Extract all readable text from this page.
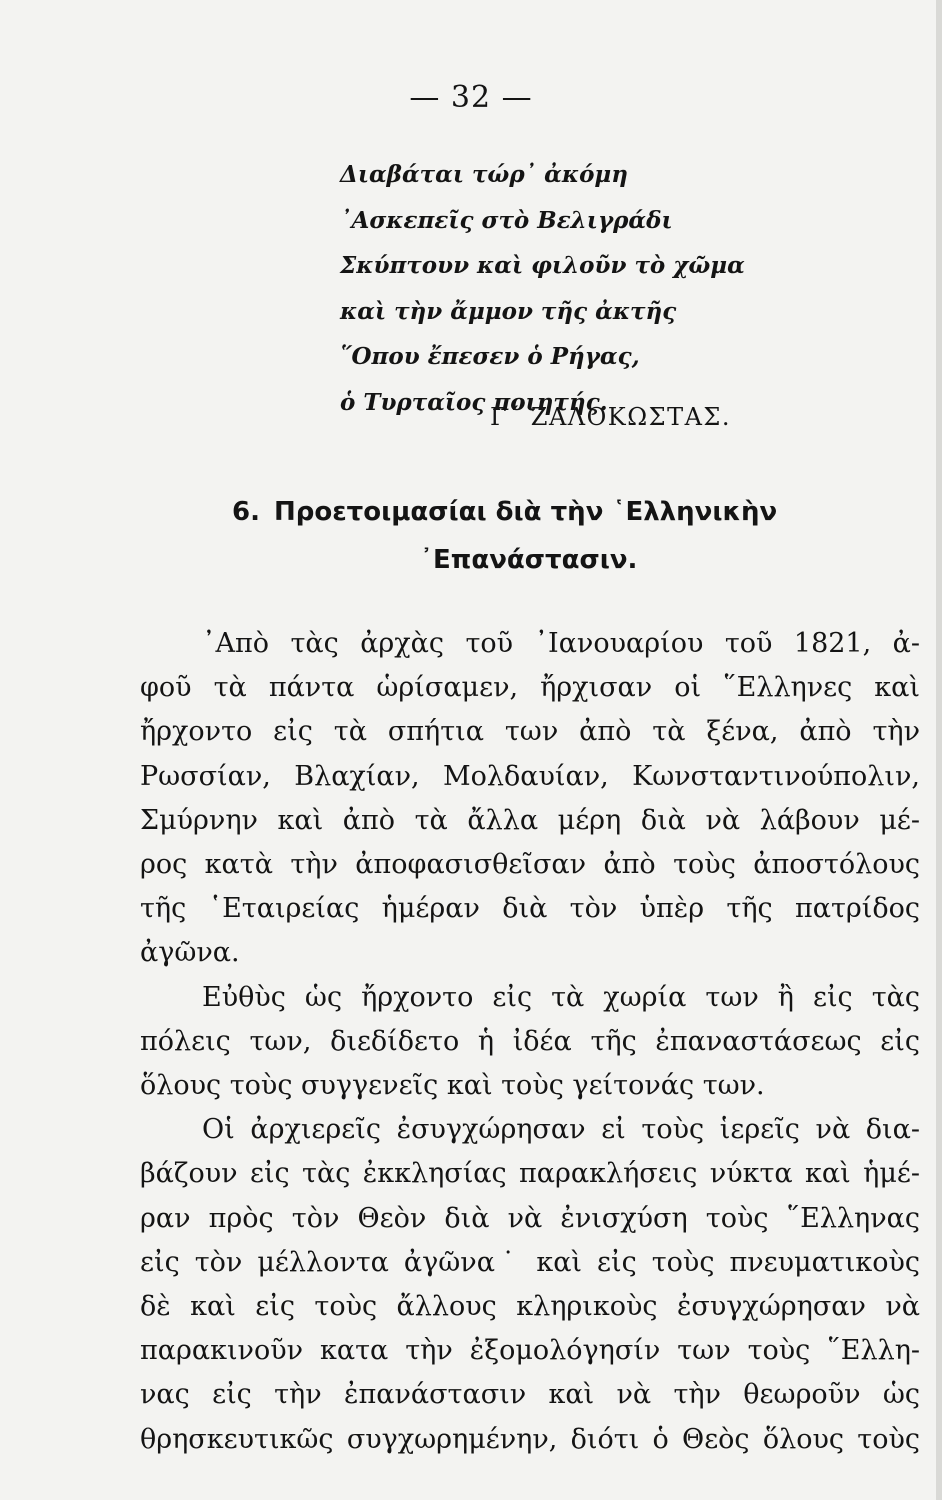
— 32 —
Διαβάται τώρ᾽ ἀκόμη
᾽Ασκεπεῖς στὸ Βελιγράδι
Σκύπτουν καὶ φιλοῦν τὸ χῶμα
καὶ τὴν ἄμμον τῆς ἀκτῆς
῞Οπου ἔπεσεν ὁ Ρήγας,
ὁ Τυρταῖος ποιητής.
Γ΄ ΖΑΛΟΚΩΣΤΑΣ.
6. Προετοιμασίαι διὰ τὴν ῾Ελληνικὴν
᾽Επανάστασιν.
᾽Απὸ τὰς ἀρχὰς τοῦ ᾽Ιανουαρίου τοῦ 1821, ἀ-
φοῦ τὰ πάντα ὡρίσαμεν, ἤρχισαν οἱ ῞Ελληνες καὶ
ἤρχοντο εἰς τὰ σπήτια των ἀπὸ τὰ ξένα, ἀπὸ τὴν
Ρωσσίαν, Βλαχίαν, Μολδαυίαν, Κωνσταντινούπολιν,
Σμύρνην καὶ ἀπὸ τὰ ἄλλα μέρη διὰ νὰ λάβουν μέ-
ρος κατὰ τὴν ἀποφασισθεῖσαν ἀπὸ τοὺς ἀποστόλους
τῆς ῾Εταιρείας ἡμέραν διὰ τὸν ὑπὲρ τῆς πατρίδος
ἀγῶνα.
Εὐθὺς ὡς ἤρχοντο εἰς τὰ χωρία των ἢ εἰς τὰς
πόλεις των, διεδίδετο ἡ ἰδέα τῆς ἐπαναστάσεως εἰς
ὅλους τοὺς συγγενεῖς καὶ τοὺς γείτονάς των.
Οἱ ἀρχιερεῖς ἐσυγχώρησαν εἰ τοὺς ἱερεῖς νὰ δια-
βάζουν εἰς τὰς ἐκκλησίας παρακλήσεις νύκτα καὶ ἡμέ-
ραν πρὸς τὸν Θεὸν διὰ νὰ ἐνισχύση τοὺς ῞Ελληνας
εἰς τὸν μέλλοντα ἀγῶνα˙ καὶ εἰς τοὺς πνευματικοὺς
δὲ καὶ εἰς τοὺς ἄλλους κληρικοὺς ἐσυγχώρησαν νὰ
παρακινοῦν κατα τὴν ἐξομολόγησίν των τοὺς ῞Ελλη-
νας εἰς τὴν ἐπανάστασιν καὶ νὰ τὴν θεωροῦν ὡς
θρησκευτικῶς συγχωρημένην, διότι ὁ Θεὸς ὅλους τοὺς
